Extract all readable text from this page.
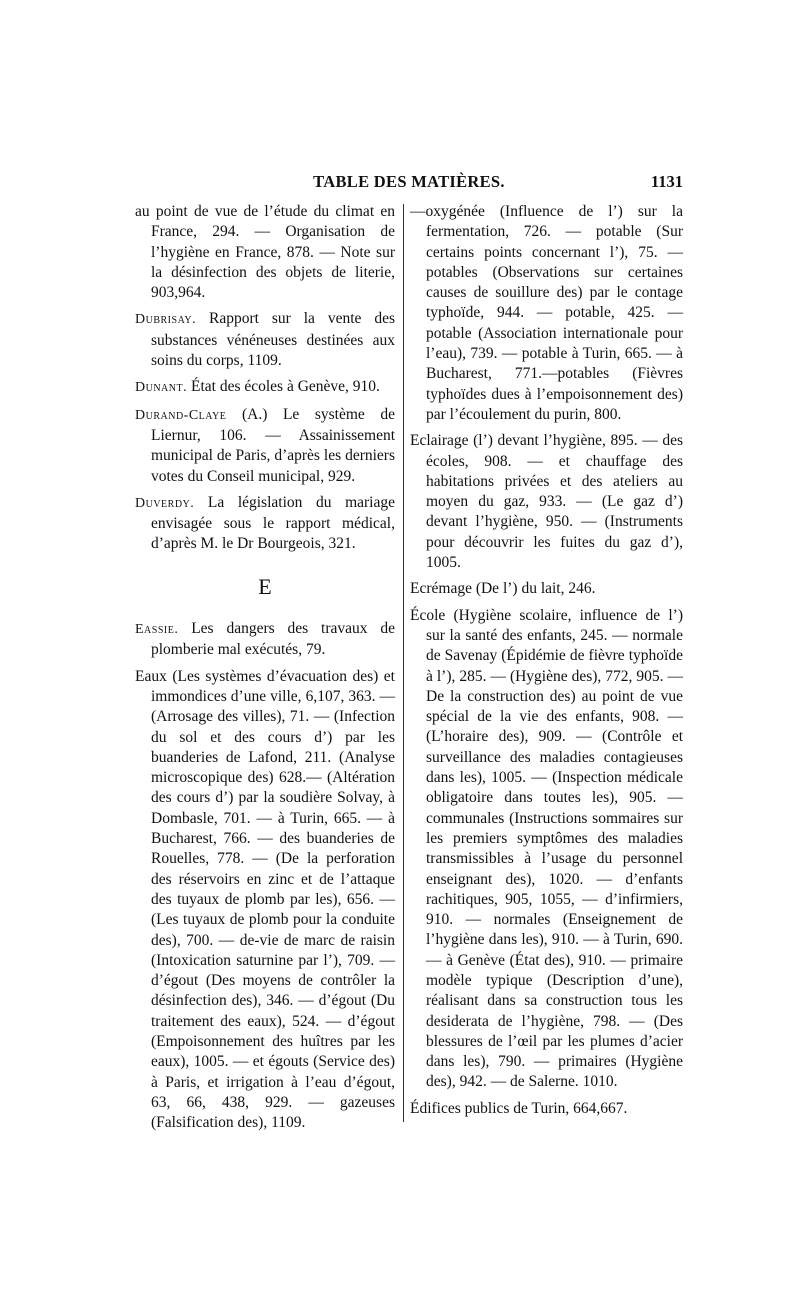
TABLE DES MATIÈRES.	1131
au point de vue de l’étude du climat en France, 294. — Organisation de l’hygiène en France, 878. — Note sur la désinfection des objets de literie, 903,964.
Dubrisay. Rapport sur la vente des substances vénéneuses destinées aux soins du corps, 1109.
Dunant. État des écoles à Genève, 910.
Durand-Claye (A.) Le système de Liernur, 106. — Assainissement municipal de Paris, d’après les derniers votes du Conseil municipal, 929.
Duverdy. La législation du mariage envisagée sous le rapport médical, d’après M. le Dr Bourgeois, 321.
E
Eassie. Les dangers des travaux de plomberie mal exécutés, 79.
Eaux (Les systèmes d’évacuation des) et immondices d’une ville, 6,107, 363. — (Arrosage des villes), 71. — (Infection du sol et des cours d’) par les buanderies de Lafond, 211. (Analyse microscopique des) 628.— (Altération des cours d’) par la soudière Solvay, à Dombasle, 701. — à Turin, 665. — à Bucharest, 766. — des buanderies de Rouelles, 778. — (De la perforation des réservoirs en zinc et de l’attaque des tuyaux de plomb par les), 656. — (Les tuyaux de plomb pour la conduite des), 700. — de-vie de marc de raisin (Intoxication saturnine par l’), 709. — d’égout (Des moyens de contrôler la désinfection des), 346. — d’égout (Du traitement des eaux), 524. — d’égout (Empoisonnement des huîtres par les eaux), 1005. — et égouts (Service des) à Paris, et irrigation à l’eau d’égout, 63, 66, 438, 929. — gazeuses (Falsification des), 1109.
—oxygénée (Influence de l’) sur la fermentation, 726. — potable (Sur certains points concernant l’), 75. — potables (Observations sur certaines causes de souillure des) par le contage typhoïde, 944. — potable, 425. — potable (Association internationale pour l’eau), 739. — potable à Turin, 665. — à Bucharest, 771.—potables (Fièvres typhoïdes dues à l’empoisonnement des) par l’écoulement du purin, 800.
Eclairage (l’) devant l’hygiène, 895. — des écoles, 908. — et chauffage des habitations privées et des ateliers au moyen du gaz, 933. — (Le gaz d’) devant l’hygiène, 950. — (Instruments pour découvrir les fuites du gaz d’), 1005.
Ecrémage (De l’) du lait, 246.
École (Hygiène scolaire, influence de l’) sur la santé des enfants, 245. — normale de Savenay (Épidémie de fièvre typhoïde à l’), 285. — (Hygiène des), 772, 905. — De la construction des) au point de vue spécial de la vie des enfants, 908. — (L’horaire des), 909. — (Contrôle et surveillance des maladies contagieuses dans les), 1005. — (Inspection médicale obligatoire dans toutes les), 905. — communales (Instructions sommaires sur les premiers symptômes des maladies transmissibles à l’usage du personnel enseignant des), 1020. — d’enfants rachitiques, 905, 1055, — d’infirmiers, 910. — normales (Enseignement de l’hygiène dans les), 910. — à Turin, 690. — à Genève (État des), 910. — primaire modèle typique (Description d’une), réalisant dans sa construction tous les desiderata de l’hygiène, 798. — (Des blessures de l’œil par les plumes d’acier dans les), 790. — primaires (Hygiène des), 942. — de Salerne. 1010.
Édifices publics de Turin, 664,667.
